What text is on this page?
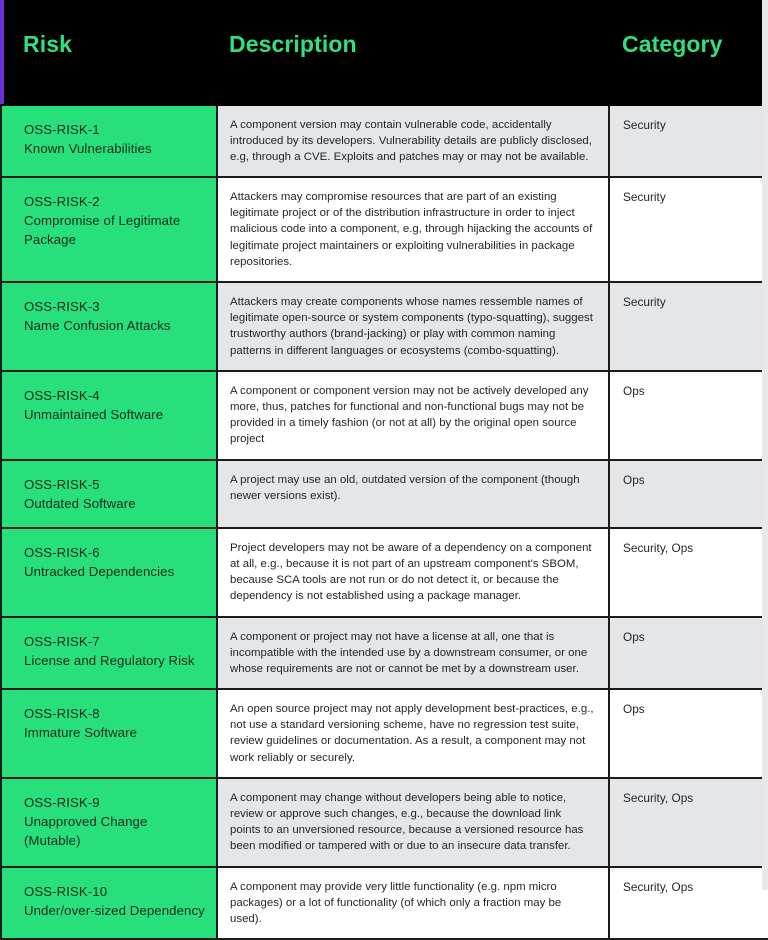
Risk	Description	Category

OSS-RISK-1
Known Vulnerabilities	A component version may contain vulnerable code, accidentally introduced by its developers. Vulnerability details are publicly disclosed, e.g, through a CVE. Exploits and patches may or may not be available.	Security

OSS-RISK-2
Compromise of Legitimate Package	Attackers may compromise resources that are part of an existing legitimate project or of the distribution infrastructure in order to inject malicious code into a component, e.g, through hijacking the accounts of legitimate project maintainers or exploiting vulnerabilities in package repositories.	Security

OSS-RISK-3
Name Confusion Attacks	Attackers may create components whose names ressemble names of legitimate open-source or system components (typo-squatting), suggest trustworthy authors (brand-jacking) or play with common naming patterns in different languages or ecosystems (combo-squatting).	Security

OSS-RISK-4
Unmaintained Software	A component or component version may not be actively developed any more, thus, patches for functional and non-functional bugs may not be provided in a timely fashion (or not at all) by the original open source project	Ops

OSS-RISK-5
Outdated Software	A project may use an old, outdated version of the component (though newer versions exist).	Ops

OSS-RISK-6
Untracked Dependencies	Project developers may not be aware of a dependency on a component at all, e.g., because it is not part of an upstream component's SBOM, because SCA tools are not run or do not detect it, or because the dependency is not established using a package manager.	Security, Ops

OSS-RISK-7
License and Regulatory Risk	A component or project may not have a license at all, one that is incompatible with the intended use by a downstream consumer, or one whose requirements are not or cannot be met by a downstream user.	Ops

OSS-RISK-8
Immature Software	An open source project may not apply development best-practices, e.g., not use a standard versioning scheme, have no regression test suite, review guidelines or documentation. As a result, a component may not work reliably or securely.	Ops

OSS-RISK-9
Unapproved Change (Mutable)	A component may change without developers being able to notice, review or approve such changes, e.g., because the download link points to an unversioned resource, because a versioned resource has been modified or tampered with or due to an insecure data transfer.	Security, Ops

OSS-RISK-10
Under/over-sized Dependency	A component may provide very little functionality (e.g. npm micro packages) or a lot of functionality (of which only a fraction may be used).	Security, Ops
